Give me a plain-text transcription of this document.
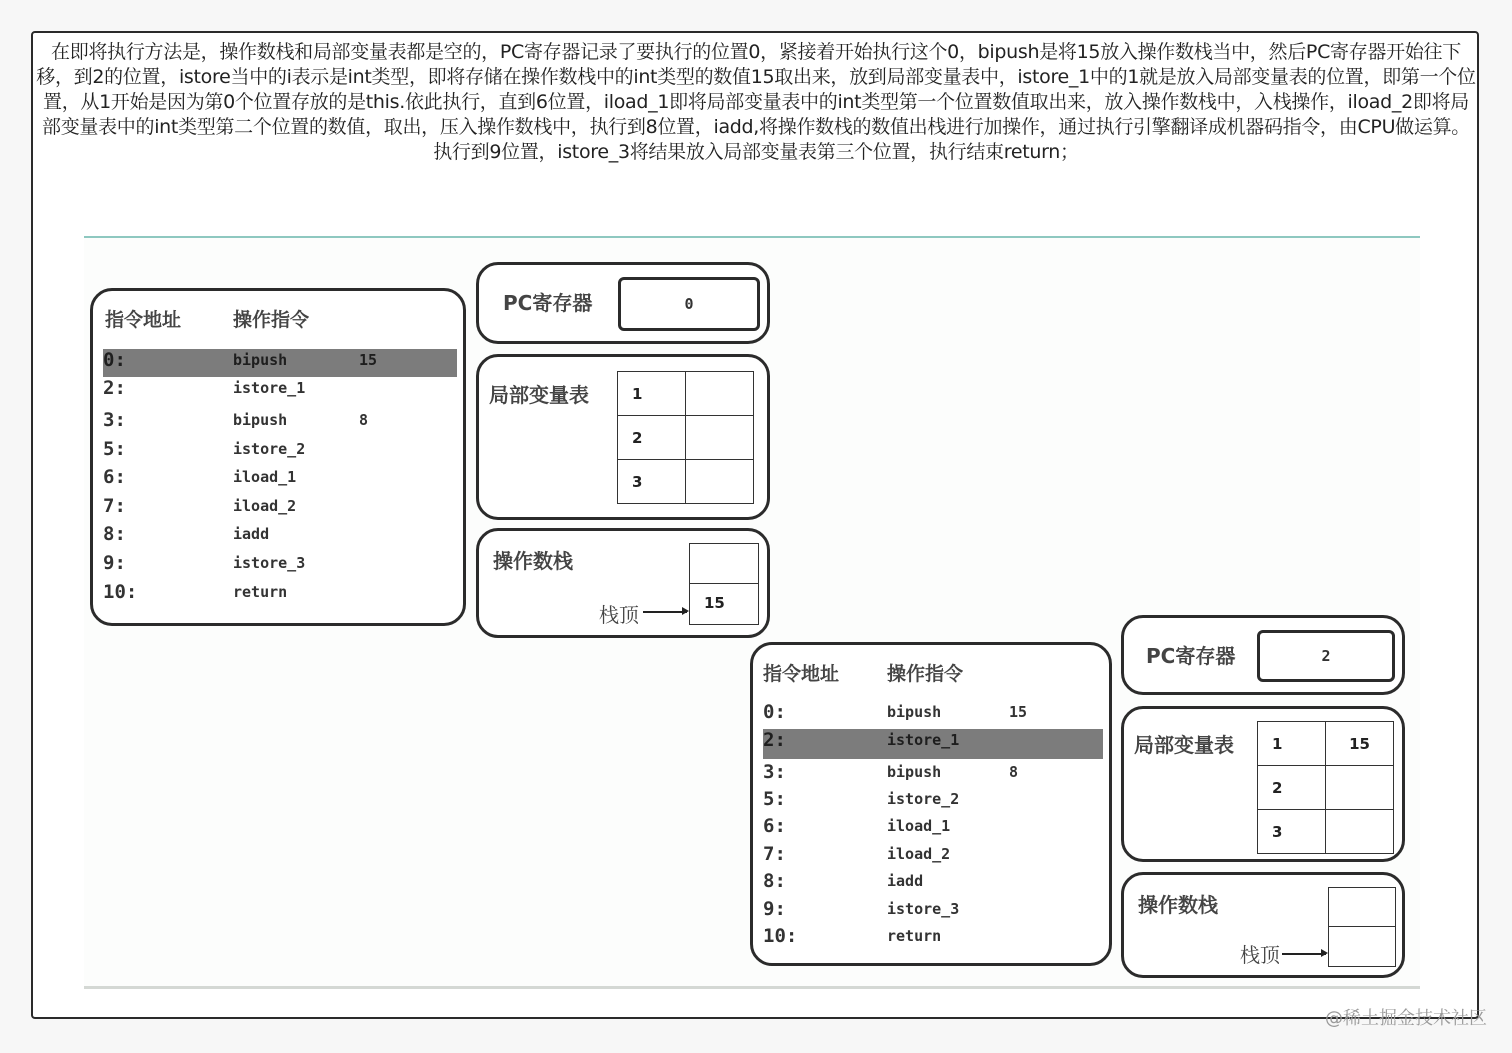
在即将执行方法是，操作数栈和局部变量表都是空的，PC寄存器记录了要执行的位置0，紧接着开始执行这个0，bipush是将15放入操作数栈当中，然后PC寄存器开始往下移，到2的位置，istore当中的i表示是int类型，即将存储在操作数栈中的int类型的数值15取出来，放到局部变量表中，istore_1中的1就是放入局部变量表的位置，即第一个位置，从1开始是因为第0个位置存放的是this.依此执行，直到6位置，iload_1即将局部变量表中的int类型第一个位置数值取出来，放入操作数栈中，入栈操作，iload_2即将局部变量表中的int类型第二个位置的数值，取出，压入操作数栈中，执行到8位置，iadd,将操作数栈的数值出栈进行加操作，通过执行引擎翻译成机器码指令，由CPU做运算。执行到9位置，istore_3将结果放入局部变量表第三个位置，执行结束return；
指令地址	操作指令
0:	bipush	15
2:	istore_1
3:	bipush	8
5:	istore_2
6:	iload_1
7:	iload_2
8:	iadd
9:	istore_3
10:	return
PC寄存器	0
局部变量表	1	
2	
3	
操作数栈
栈顶	15
指令地址	操作指令
0:	bipush	15
2:	istore_1
3:	bipush	8
5:	istore_2
6:	iload_1
7:	iload_2
8:	iadd
9:	istore_3
10:	return
PC寄存器	2
局部变量表	1	15
2	
3	
操作数栈
栈顶
@稀土掘金技术社区
